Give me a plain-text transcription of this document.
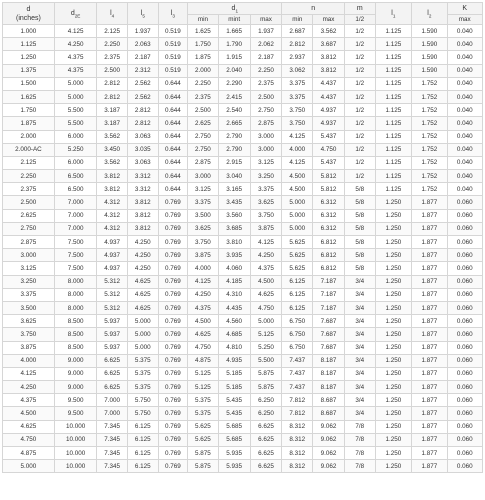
d
(inches)	$d_{2E}$	$l_4$	$l_5$	$l_3$	$d_1$			n		m	$l_1$	$l_2$	K
					min	mint	max	min	max	1/2			max
1.000	4.125	2.125	1.937	0.519	1.625	1.665	1.937	2.687	3.562	1/2	1.125	1.590	0.040
1.125	4.250	2.250	2.063	0.519	1.750	1.790	2.062	2.812	3.687	1/2	1.125	1.590	0.040
1.250	4.375	2.375	2.187	0.519	1.875	1.915	2.187	2.937	3.812	1/2	1.125	1.590	0.040
1.375	4.375	2.500	2.312	0.519	2.000	2.040	2.250	3.062	3.812	1/2	1.125	1.590	0.040
1.500	5.000	2.812	2.562	0.644	2.250	2.290	2.375	3.375	4.437	1/2	1.125	1.752	0.040
1.625	5.000	2.812	2.562	0.644	2.375	2.415	2.500	3.375	4.437	1/2	1.125	1.752	0.040
1.750	5.500	3.187	2.812	0.644	2.500	2.540	2.750	3.750	4.937	1/2	1.125	1.752	0.040
1.875	5.500	3.187	2.812	0.644	2.625	2.665	2.875	3.750	4.937	1/2	1.125	1.752	0.040
2.000	6.000	3.562	3.063	0.644	2.750	2.790	3.000	4.125	5.437	1/2	1.125	1.752	0.040
2.000-AC	5.250	3.450	3.035	0.644	2.750	2.790	3.000	4.000	4.750	1/2	1.125	1.752	0.040
2.125	6.000	3.562	3.063	0.644	2.875	2.915	3.125	4.125	5.437	1/2	1.125	1.752	0.040
2.250	6.500	3.812	3.312	0.644	3.000	3.040	3.250	4.500	5.812	1/2	1.125	1.752	0.040
2.375	6.500	3.812	3.312	0.644	3.125	3.165	3.375	4.500	5.812	5/8	1.125	1.752	0.040
2.500	7.000	4.312	3.812	0.769	3.375	3.435	3.625	5.000	6.312	5/8	1.250	1.877	0.060
2.625	7.000	4.312	3.812	0.769	3.500	3.560	3.750	5.000	6.312	5/8	1.250	1.877	0.060
2.750	7.000	4.312	3.812	0.769	3.625	3.685	3.875	5.000	6.312	5/8	1.250	1.877	0.060
2.875	7.500	4.937	4.250	0.769	3.750	3.810	4.125	5.625	6.812	5/8	1.250	1.877	0.060
3.000	7.500	4.937	4.250	0.769	3.875	3.935	4.250	5.625	6.812	5/8	1.250	1.877	0.060
3.125	7.500	4.937	4.250	0.769	4.000	4.060	4.375	5.625	6.812	5/8	1.250	1.877	0.060
3.250	8.000	5.312	4.625	0.769	4.125	4.185	4.500	6.125	7.187	3/4	1.250	1.877	0.060
3.375	8.000	5.312	4.625	0.769	4.250	4.310	4.625	6.125	7.187	3/4	1.250	1.877	0.060
3.500	8.000	5.312	4.625	0.769	4.375	4.435	4.750	6.125	7.187	3/4	1.250	1.877	0.060
3.625	8.500	5.937	5.000	0.769	4.500	4.560	5.000	6.750	7.687	3/4	1.250	1.877	0.060
3.750	8.500	5.937	5.000	0.769	4.625	4.685	5.125	6.750	7.687	3/4	1.250	1.877	0.060
3.875	8.500	5.937	5.000	0.769	4.750	4.810	5.250	6.750	7.687	3/4	1.250	1.877	0.060
4.000	9.000	6.625	5.375	0.769	4.875	4.935	5.500	7.437	8.187	3/4	1.250	1.877	0.060
4.125	9.000	6.625	5.375	0.769	5.125	5.185	5.875	7.437	8.187	3/4	1.250	1.877	0.060
4.250	9.000	6.625	5.375	0.769	5.125	5.185	5.875	7.437	8.187	3/4	1.250	1.877	0.060
4.375	9.500	7.000	5.750	0.769	5.375	5.435	6.250	7.812	8.687	3/4	1.250	1.877	0.060
4.500	9.500	7.000	5.750	0.769	5.375	5.435	6.250	7.812	8.687	3/4	1.250	1.877	0.060
4.625	10.000	7.345	6.125	0.769	5.625	5.685	6.625	8.312	9.062	7/8	1.250	1.877	0.060
4.750	10.000	7.345	6.125	0.769	5.625	5.685	6.625	8.312	9.062	7/8	1.250	1.877	0.060
4.875	10.000	7.345	6.125	0.769	5.875	5.935	6.625	8.312	9.062	7/8	1.250	1.877	0.060
5.000	10.000	7.345	6.125	0.769	5.875	5.935	6.625	8.312	9.062	7/8	1.250	1.877	0.060
